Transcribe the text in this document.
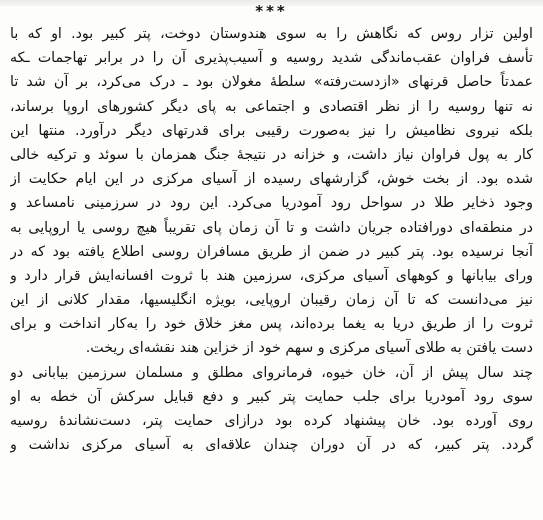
***
اولین تزار روس که نگاهش را به سوی هندوستان دوخت، پتر کبیر بود. او که با
تأسف فراوان عقب‌ماندگی شدید روسیه و آسیب‌پذیری آن را در برابر تهاجمات ـکه
عمدتاً حاصل قرنهای «ازدست‌رفته» سلطهٔ مغولان بود ـ درک می‌کرد، بر آن شد تا
نه تنها روسیه را از نظر اقتصادی و اجتماعی به پای دیگر کشورهای اروپا برساند،
بلکه نیروی نظامیش را نیز به‌صورت رقیبی برای قدرتهای دیگر درآورد. منتها این
کار به پول فراوان نیاز داشت، و خزانه در نتیجهٔ جنگ همزمان با سوئد و ترکیه خالی
شده بود. از بخت خوش، گزارشهای رسیده از آسیای مرکزی در این ایام حکایت از
وجود ذخایر طلا در سواحل رود آمودریا می‌کرد. این رود در سرزمینی نامساعد و
در منطقه‌ای دورافتاده جریان داشت و تا آن زمان پای تقریباً هیچ روسی یا اروپایی به
آنجا نرسیده بود. پتر کبیر در ضمن از طریق مسافران روسی اطلاع یافته بود که در
ورای بیابانها و کوههای آسیای مرکزی، سرزمین هند با ثروت افسانه‌ایش قرار دارد و
نیز می‌دانست که تا آن زمان رقیبان اروپایی، بویژه انگلیسیها، مقدار کلانی از این
ثروت را از طریق دریا به یغما برده‌اند، پس مغز خلاق خود را به‌کار انداخت و برای
دست یافتن به طلای آسیای مرکزی و سهم خود از خزاین هند نقشه‌ای ریخت.
چند سال پیش از آن، خان خیوه، فرمانروای مطلق و مسلمان سرزمین بیابانی دو
سوی رود آمودریا برای جلب حمایت پتر کبیر و دفع قبایل سرکش آن خطه به او
روی آورده بود. خان پیشنهاد کرده بود درازای حمایت پتر، دست‌نشاندهٔ روسیه
گردد. پتر کبیر، که در آن دوران چندان علاقه‌ای به آسیای مرکزی نداشت و
